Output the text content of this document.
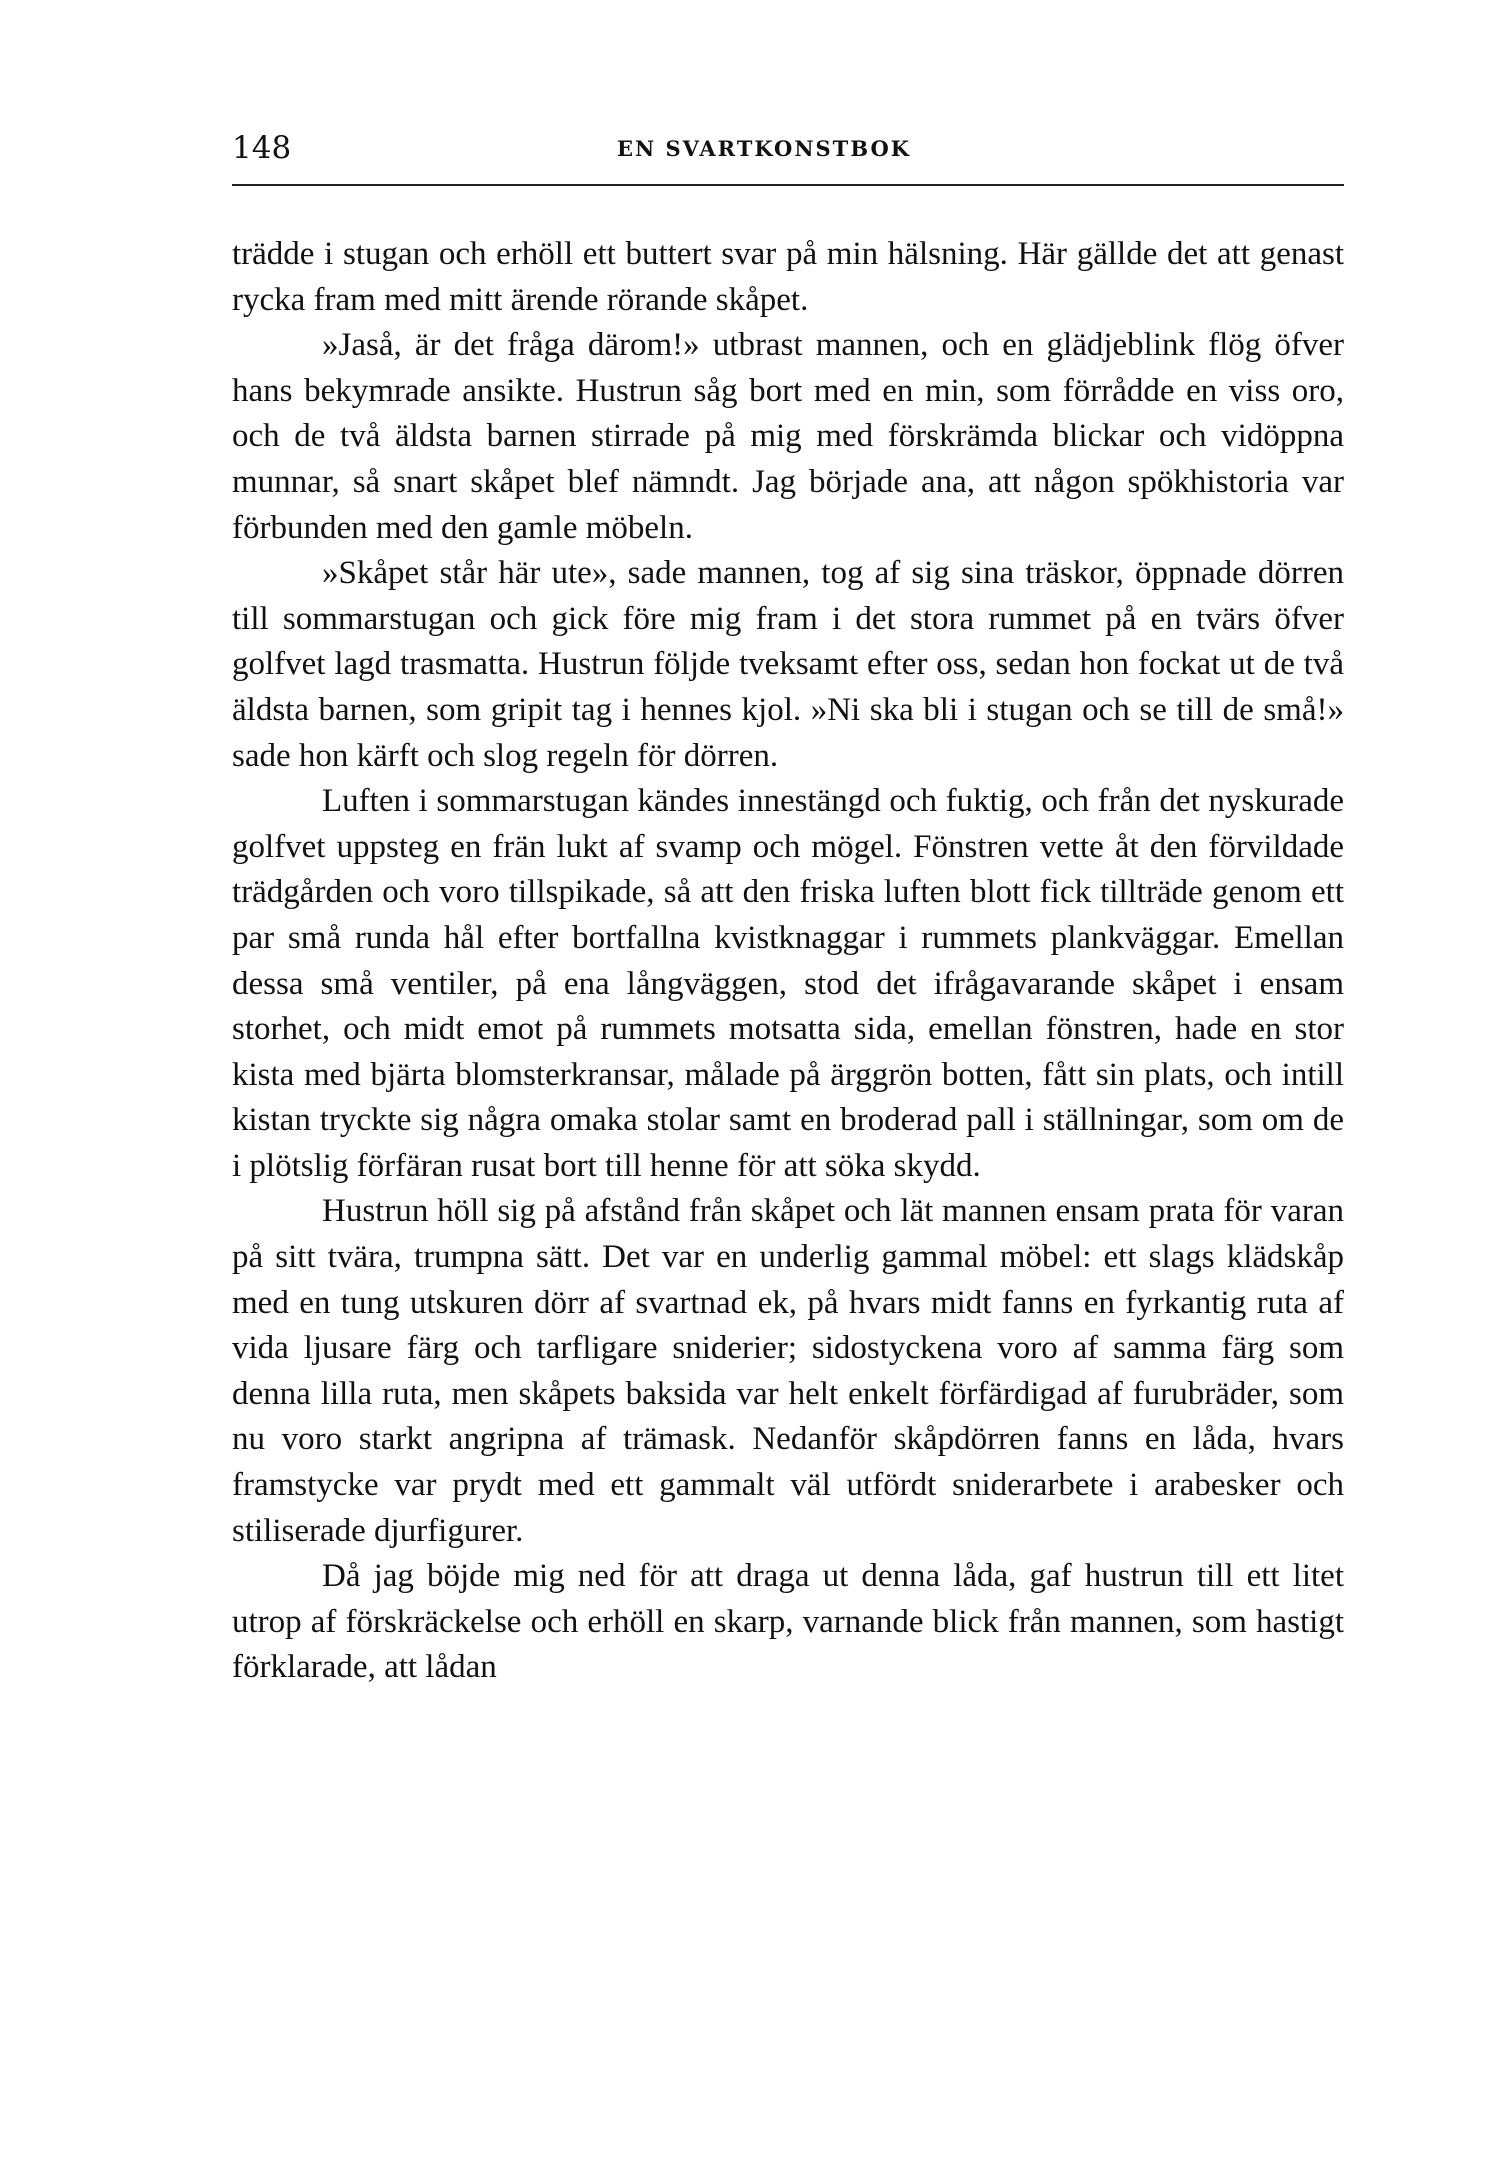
148	EN SVARTKONSTBOK

trädde i stugan och erhöll ett buttert svar på min hälsning. Här gällde det att genast rycka fram med mitt ärende rörande skåpet.

»Jaså, är det fråga därom!» utbrast mannen, och en glädjeblink flög öfver hans bekymrade ansikte. Hustrun såg bort med en min, som förrådde en viss oro, och de två äldsta barnen stirrade på mig med förskrämda blickar och vidöppna munnar, så snart skåpet blef nämndt. Jag började ana, att någon spökhistoria var förbunden med den gamle möbeln.

»Skåpet står här ute», sade mannen, tog af sig sina träskor, öppnade dörren till sommarstugan och gick före mig fram i det stora rummet på en tvärs öfver golfvet lagd trasmatta. Hustrun följde tveksamt efter oss, sedan hon fockat ut de två äldsta barnen, som gripit tag i hennes kjol. »Ni ska bli i stugan och se till de små!» sade hon kärft och slog regeln för dörren.

Luften i sommarstugan kändes innestängd och fuktig, och från det nyskurade golfvet uppsteg en frän lukt af svamp och mögel. Fönstren vette åt den förvildade trädgården och voro tillspikade, så att den friska luften blott fick tillträde genom ett par små runda hål efter bortfallna kvistknaggar i rummets plankväggar. Emellan dessa små ventiler, på ena långväggen, stod det ifrågavarande skåpet i ensam storhet, och midt emot på rummets motsatta sida, emellan fönstren, hade en stor kista med bjärta blomsterkransar, målade på ärggrön botten, fått sin plats, och intill kistan tryckte sig några omaka stolar samt en broderad pall i ställningar, som om de i plötslig förfäran rusat bort till henne för att söka skydd.

Hustrun höll sig på afstånd från skåpet och lät mannen ensam prata för varan på sitt tvära, trumpna sätt. Det var en underlig gammal möbel: ett slags klädskåp med en tung utskuren dörr af svartnad ek, på hvars midt fanns en fyrkantig ruta af vida ljusare färg och tarfligare sniderier; sidostyckena voro af samma färg som denna lilla ruta, men skåpets baksida var helt enkelt förfärdigad af furubräder, som nu voro starkt angripna af trämask. Nedanför skåpdörren fanns en låda, hvars framstycke var prydt med ett gammalt väl utfördt sniderarbete i arabesker och stiliserade djurfigurer.

Då jag böjde mig ned för att draga ut denna låda, gaf hustrun till ett litet utrop af förskräckelse och erhöll en skarp, varnande blick från mannen, som hastigt förklarade, att lådan
